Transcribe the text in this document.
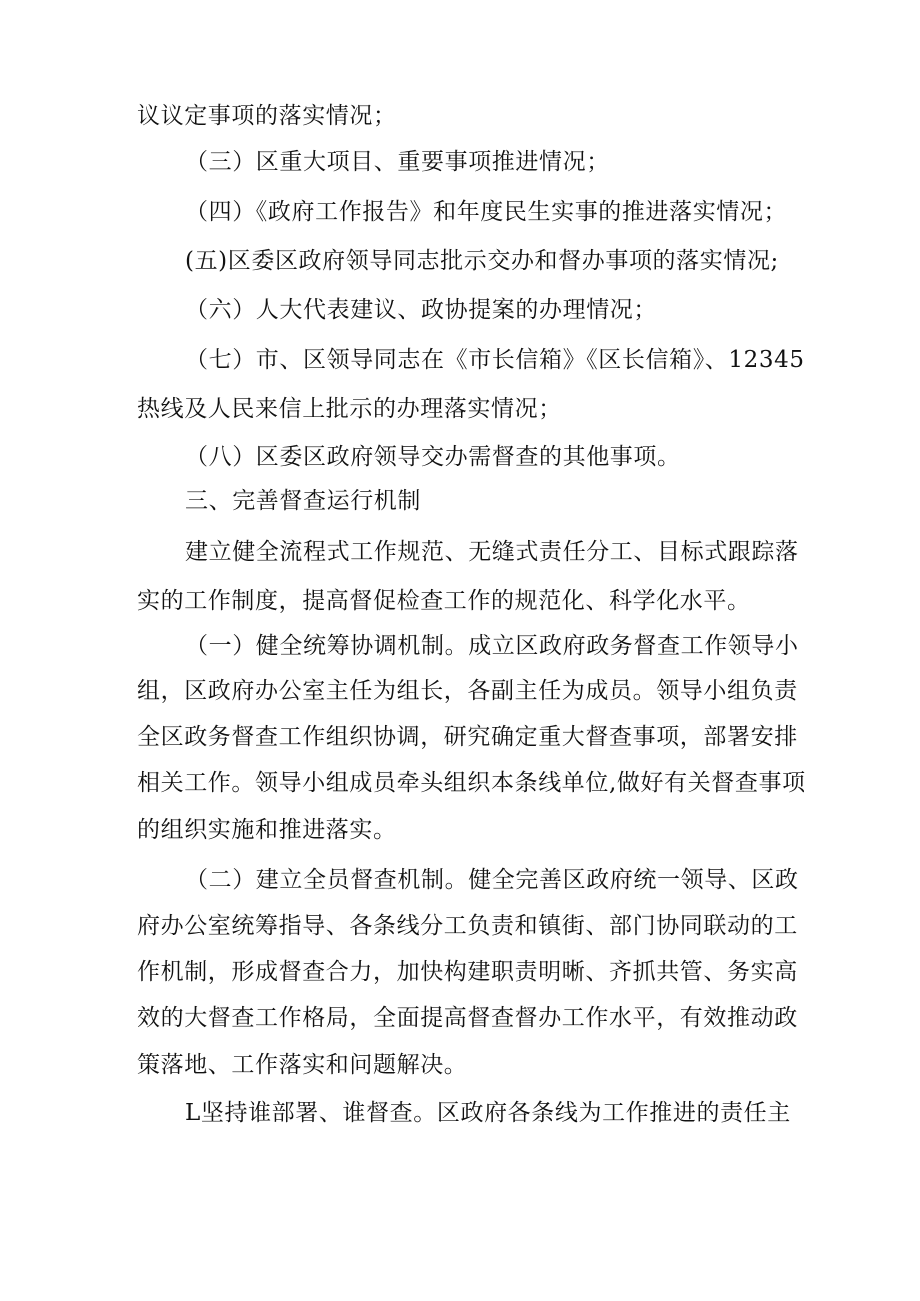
议议定事项的落实情况；
（三）区重大项目、重要事项推进情况；
（四）《政府工作报告》和年度民生实事的推进落实情况；
(五)区委区政府领导同志批示交办和督办事项的落实情况;
（六）人大代表建议、政协提案的办理情况；
（七）市、区领导同志在《市长信箱》《区长信箱》、12345
热线及人民来信上批示的办理落实情况；
（八）区委区政府领导交办需督查的其他事项。
三、完善督查运行机制
建立健全流程式工作规范、无缝式责任分工、目标式跟踪落
实的工作制度，提高督促检查工作的规范化、科学化水平。
（一）健全统筹协调机制。成立区政府政务督查工作领导小
组，区政府办公室主任为组长，各副主任为成员。领导小组负责
全区政务督查工作组织协调，研究确定重大督查事项，部署安排
相关工作。领导小组成员牵头组织本条线单位,做好有关督查事项
的组织实施和推进落实。
（二）建立全员督查机制。健全完善区政府统一领导、区政
府办公室统筹指导、各条线分工负责和镇街、部门协同联动的工
作机制，形成督查合力，加快构建职责明晰、齐抓共管、务实高
效的大督查工作格局，全面提高督查督办工作水平，有效推动政
策落地、工作落实和问题解决。
L坚持谁部署、谁督查。区政府各条线为工作推进的责任主
